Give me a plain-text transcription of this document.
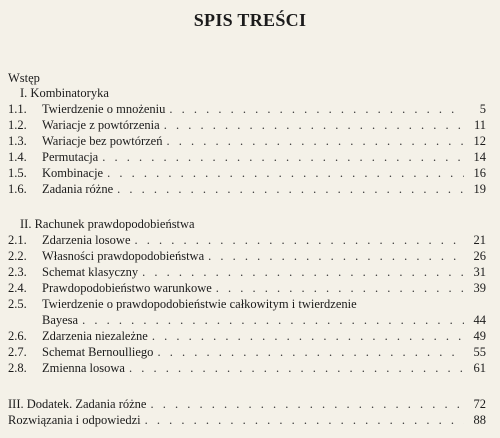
SPIS TREŚCI
Wstęp
I. Kombinatoryka
1.1.	Twierdzenie o mnożeniu . . .	5
1.2.	Wariacje z powtórzenia . . .	11
1.3.	Wariacje bez powtórzeń . . .	12
1.4.	Permutacja . . .	14
1.5.	Kombinacje . . .	16
1.6.	Zadania różne . . .	19
II. Rachunek prawdopodobieństwa
2.1.	Zdarzenia losowe . . .	21
2.2.	Własności prawdopodobieństwa . . .	26
2.3.	Schemat klasyczny . . .	31
2.4.	Prawdopodobieństwo warunkowe . . .	39
2.5.	Twierdzenie o prawdopodobieństwie całkowitym i twierdzenie
Bayesa . . .	44
2.6.	Zdarzenia niezależne . . .	49
2.7.	Schemat Bernoulliego . . .	55
2.8.	Zmienna losowa . . .	61
III. Dodatek. Zadania różne . . .	72
Rozwiązania i odpowiedzi . . .	88
